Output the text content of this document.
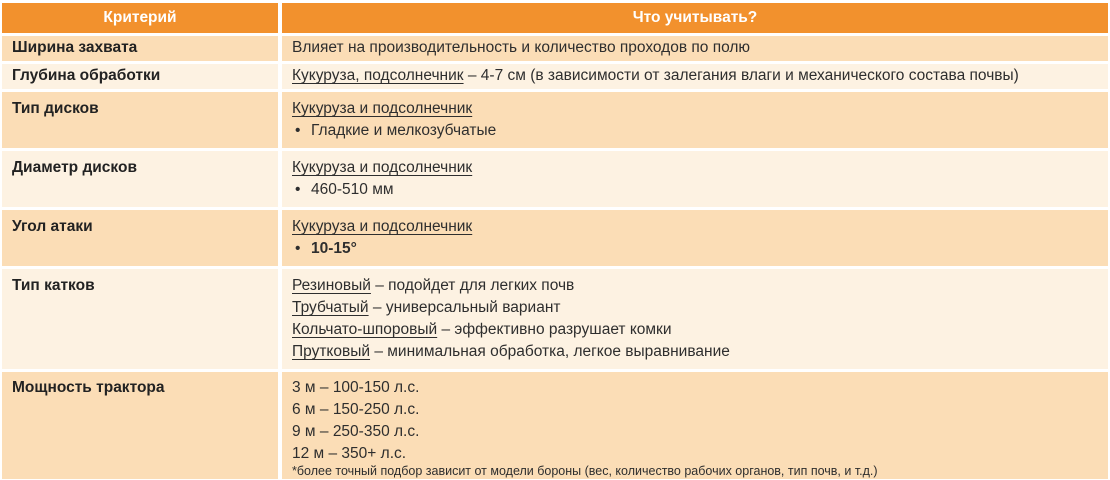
Критерий	Что учитывать?
Ширина захвата	Влияет на производительность и количество проходов по полю
Глубина обработки	Кукуруза, подсолнечник – 4-7 см (в зависимости от залегания влаги и механического состава почвы)
Тип дисков	Кукуруза и подсолнечник
• Гладкие и мелкозубчатые
Диаметр дисков	Кукуруза и подсолнечник
• 460-510 мм
Угол атаки	Кукуруза и подсолнечник
• 10-15°
Тип катков	Резиновый – подойдет для легких почв
Трубчатый – универсальный вариант
Кольчато-шпоровый – эффективно разрушает комки
Прутковый – минимальная обработка, легкое выравнивание
Мощность трактора	3 м – 100-150 л.с.
6 м – 150-250 л.с.
9 м – 250-350 л.с.
12 м – 350+ л.с.
*более точный подбор зависит от модели бороны (вес, количество рабочих органов, тип почв, и т.д.)
